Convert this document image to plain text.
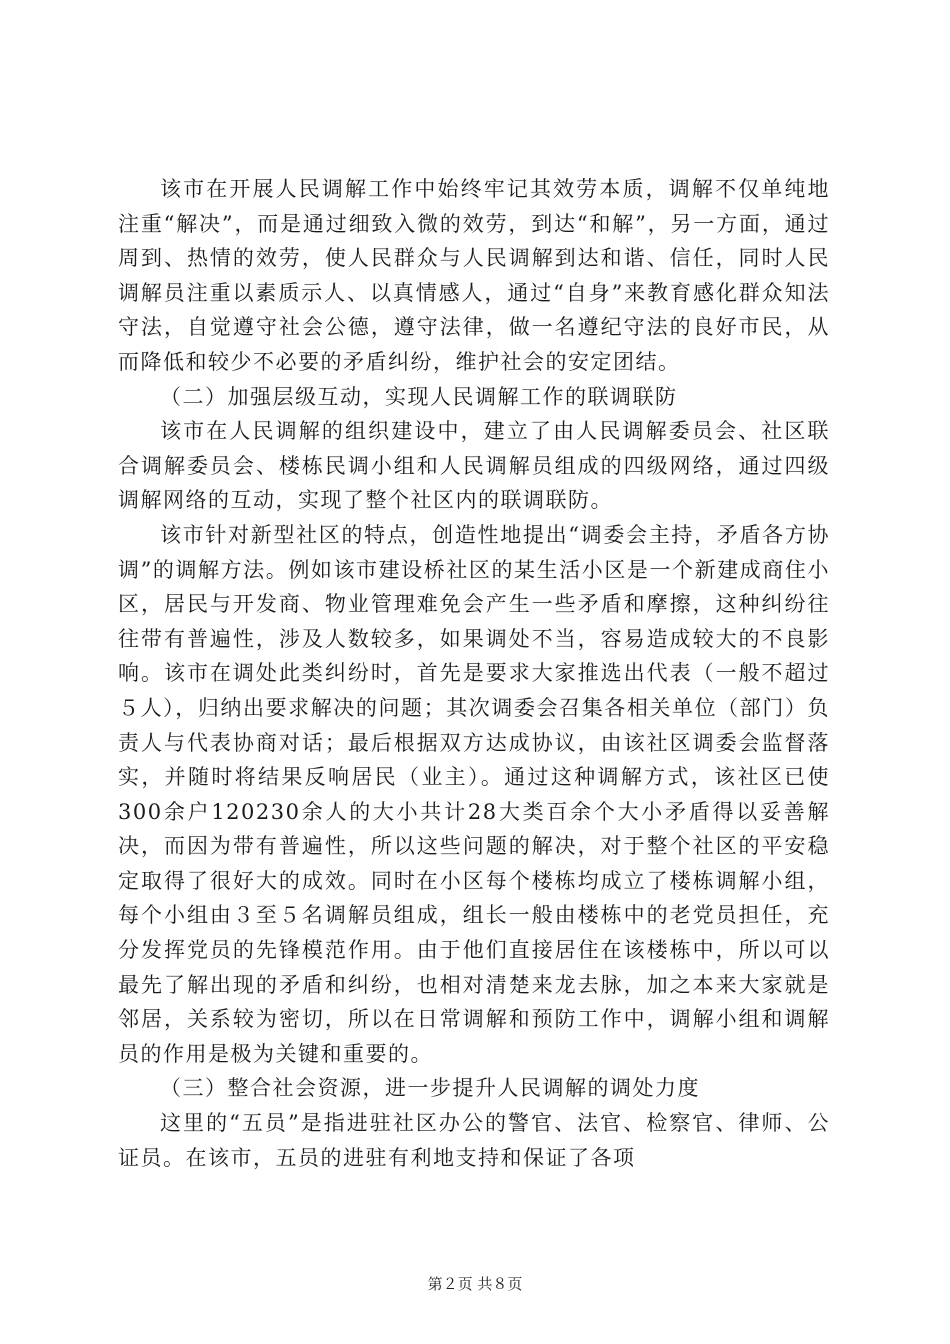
该市在开展人民调解工作中始终牢记其效劳本质，调解不仅单纯地注重“解决”，而是通过细致入微的效劳，到达“和解”，另一方面，通过周到、热情的效劳，使人民群众与人民调解到达和谐、信任，同时人民调解员注重以素质示人、以真情感人，通过“自身”来教育感化群众知法守法，自觉遵守社会公德，遵守法律，做一名遵纪守法的良好市民，从而降低和较少不必要的矛盾纠纷，维护社会的安定团结。

（二）加强层级互动，实现人民调解工作的联调联防

该市在人民调解的组织建设中，建立了由人民调解委员会、社区联合调解委员会、楼栋民调小组和人民调解员组成的四级网络，通过四级调解网络的互动，实现了整个社区内的联调联防。

该市针对新型社区的特点，创造性地提出“调委会主持，矛盾各方协调”的调解方法。例如该市建设桥社区的某生活小区是一个新建成商住小区，居民与开发商、物业管理难免会产生一些矛盾和摩擦，这种纠纷往往带有普遍性，涉及人数较多，如果调处不当，容易造成较大的不良影响。该市在调处此类纠纷时，首先是要求大家推选出代表（一般不超过５人），归纳出要求解决的问题；其次调委会召集各相关单位（部门）负责人与代表协商对话；最后根据双方达成协议，由该社区调委会监督落实，并随时将结果反响居民（业主）。通过这种调解方式，该社区已使300余户120230余人的大小共计28大类百余个大小矛盾得以妥善解决，而因为带有普遍性，所以这些问题的解决，对于整个社区的平安稳定取得了很好大的成效。同时在小区每个楼栋均成立了楼栋调解小组，每个小组由３至５名调解员组成，组长一般由楼栋中的老党员担任，充分发挥党员的先锋模范作用。由于他们直接居住在该楼栋中，所以可以最先了解出现的矛盾和纠纷，也相对清楚来龙去脉，加之本来大家就是邻居，关系较为密切，所以在日常调解和预防工作中，调解小组和调解员的作用是极为关键和重要的。

（三）整合社会资源，进一步提升人民调解的调处力度

这里的“五员”是指进驻社区办公的警官、法官、检察官、律师、公证员。在该市，五员的进驻有利地支持和保证了各项

第２页 共８页
